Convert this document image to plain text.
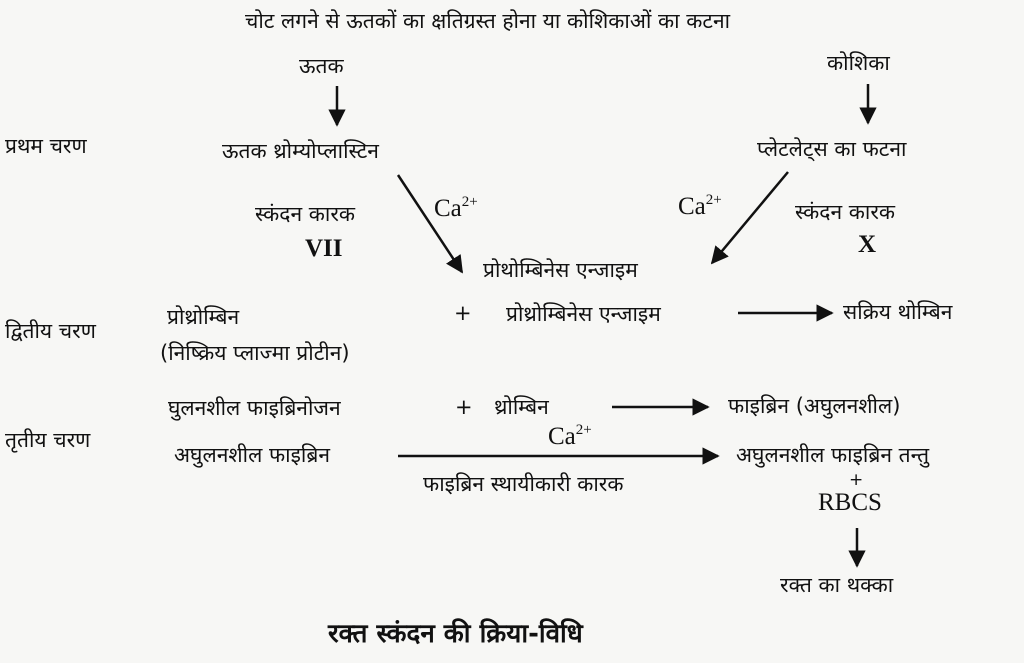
चोट लगने से ऊतकों का क्षतिग्रस्त होना या कोशिकाओं का कटना
प्रथम चरण
ऊतक	कोशिका
ऊतक थ्रोम्योप्लास्टिन	प्लेटलेट्स का फटना
स्कंदन कारक
VII
स्कंदन कारक
X
$Ca^{2+}$	$Ca^{2+}$
प्रोथोम्बिनेस एन्जाइम
द्वितीय चरण
प्रोथ्रोम्बिन
(निष्क्रिय प्लाज्मा प्रोटीन)
+ प्रोथ्रोम्बिनेस एन्जाइम	सक्रिय थोम्बिन
तृतीय चरण
घुलनशील फाइब्रिनोजन	+ थ्रोम्बिन	फाइब्रिन (अघुलनशील)
$Ca^{2+}$
अघुलनशील फाइब्रिन
फाइब्रिन स्थायीकारी कारक
अघुलनशील फाइब्रिन तन्तु
+
RBCS
रक्त का थक्का
रक्त स्कंदन की क्रिया-विधि
